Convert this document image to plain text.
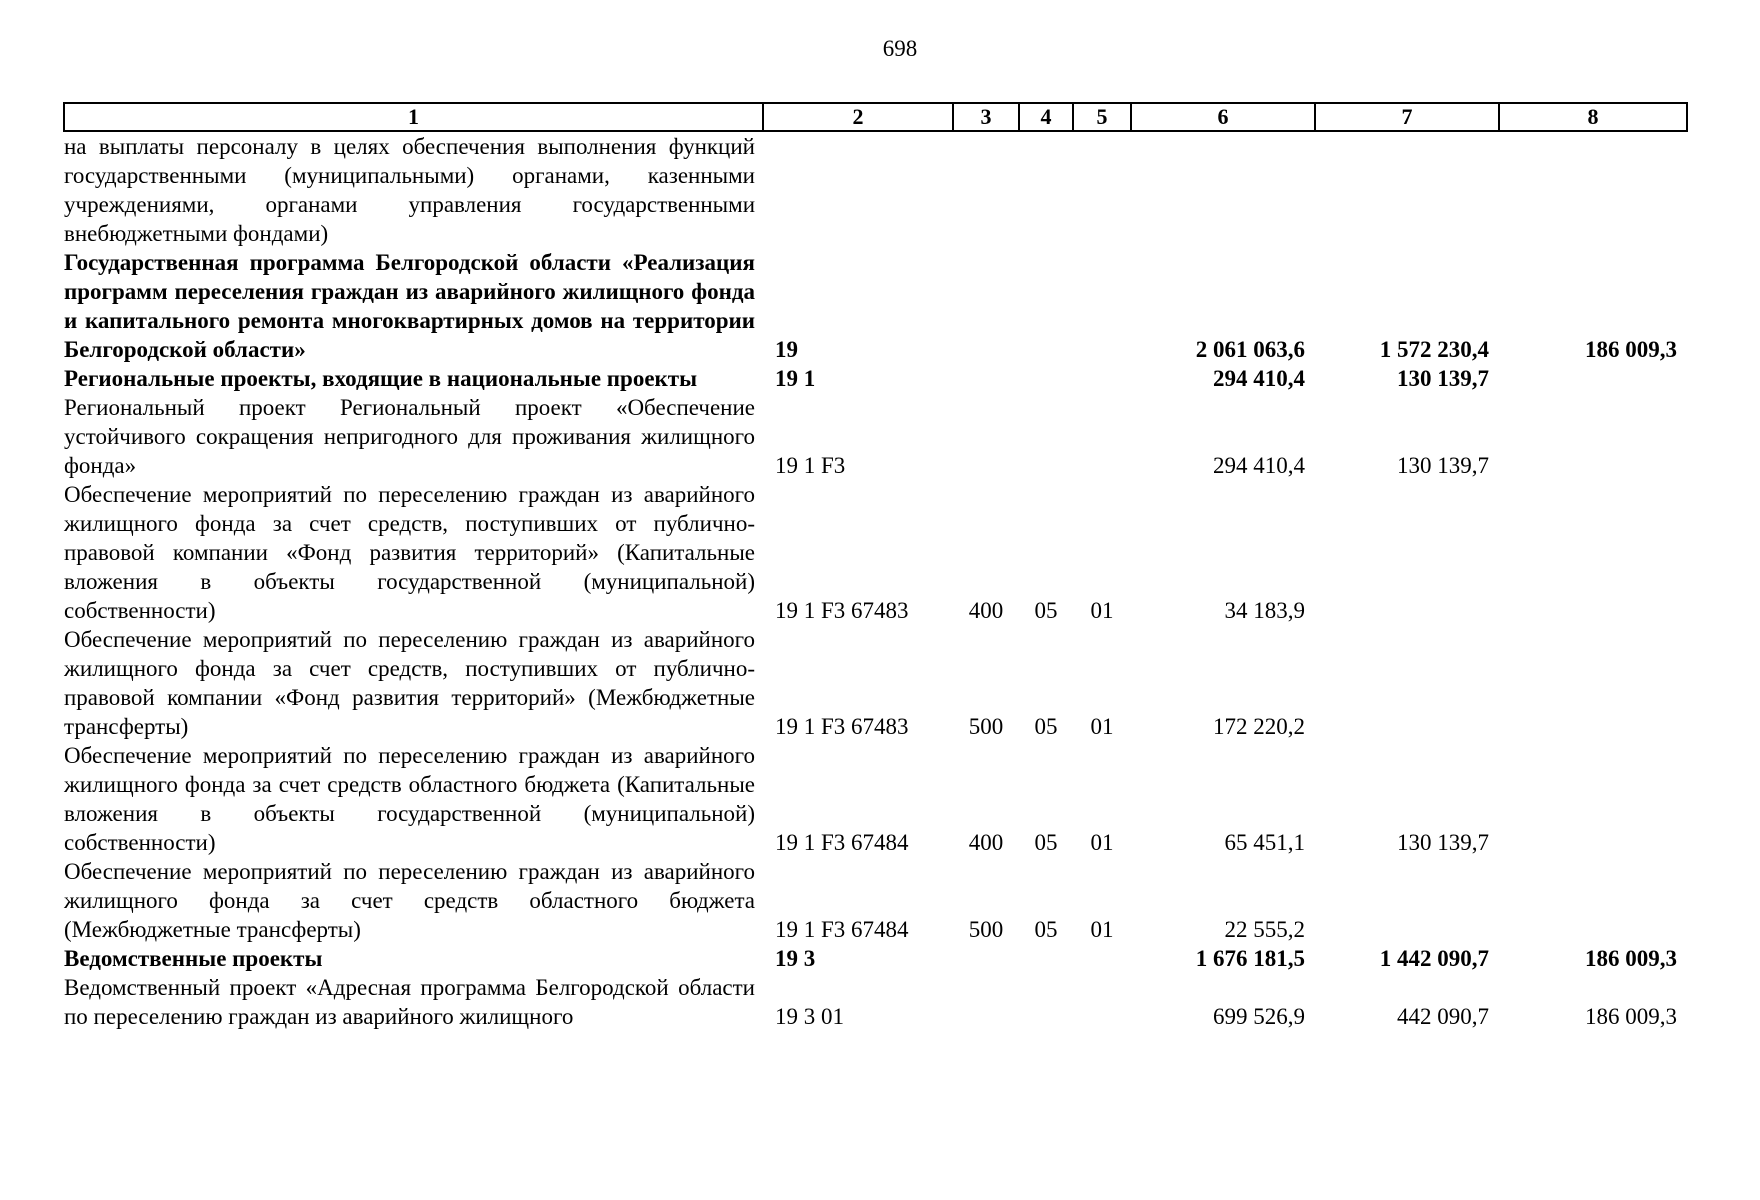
698
1	2	3	4	5	6	7	8
на выплаты персоналу в целях обеспечения выполнения функций государственными (муниципальными) органами, казенными учреждениями, органами управления государственными внебюджетными фондами)							
Государственная программа Белгородской области «Реализация программ переселения граждан из аварийного жилищного фонда и капитального ремонта многоквартирных домов на территории Белгородской области»	19				2 061 063,6	1 572 230,4	186 009,3
Региональные проекты, входящие в национальные проекты	19 1				294 410,4	130 139,7	
Региональный проект Региональный проект «Обеспечение устойчивого сокращения непригодного для проживания жилищного фонда»	19 1 F3				294 410,4	130 139,7	
Обеспечение мероприятий по переселению граждан из аварийного жилищного фонда за счет средств, поступивших от публично-правовой компании «Фонд развития территорий» (Капитальные вложения в объекты государственной (муниципальной) собственности)	19 1 F3 67483	400	05	01	34 183,9		
Обеспечение мероприятий по переселению граждан из аварийного жилищного фонда за счет средств, поступивших от публично-правовой компании «Фонд развития территорий» (Межбюджетные трансферты)	19 1 F3 67483	500	05	01	172 220,2		
Обеспечение мероприятий по переселению граждан из аварийного жилищного фонда за счет средств областного бюджета (Капитальные вложения в объекты государственной (муниципальной) собственности)	19 1 F3 67484	400	05	01	65 451,1	130 139,7	
Обеспечение мероприятий по переселению граждан из аварийного жилищного фонда за счет средств областного бюджета (Межбюджетные трансферты)	19 1 F3 67484	500	05	01	22 555,2		
Ведомственные проекты	19 3				1 676 181,5	1 442 090,7	186 009,3
Ведомственный проект «Адресная программа Белгородской области по переселению граждан из аварийного жилищного	19 3 01				699 526,9	442 090,7	186 009,3
